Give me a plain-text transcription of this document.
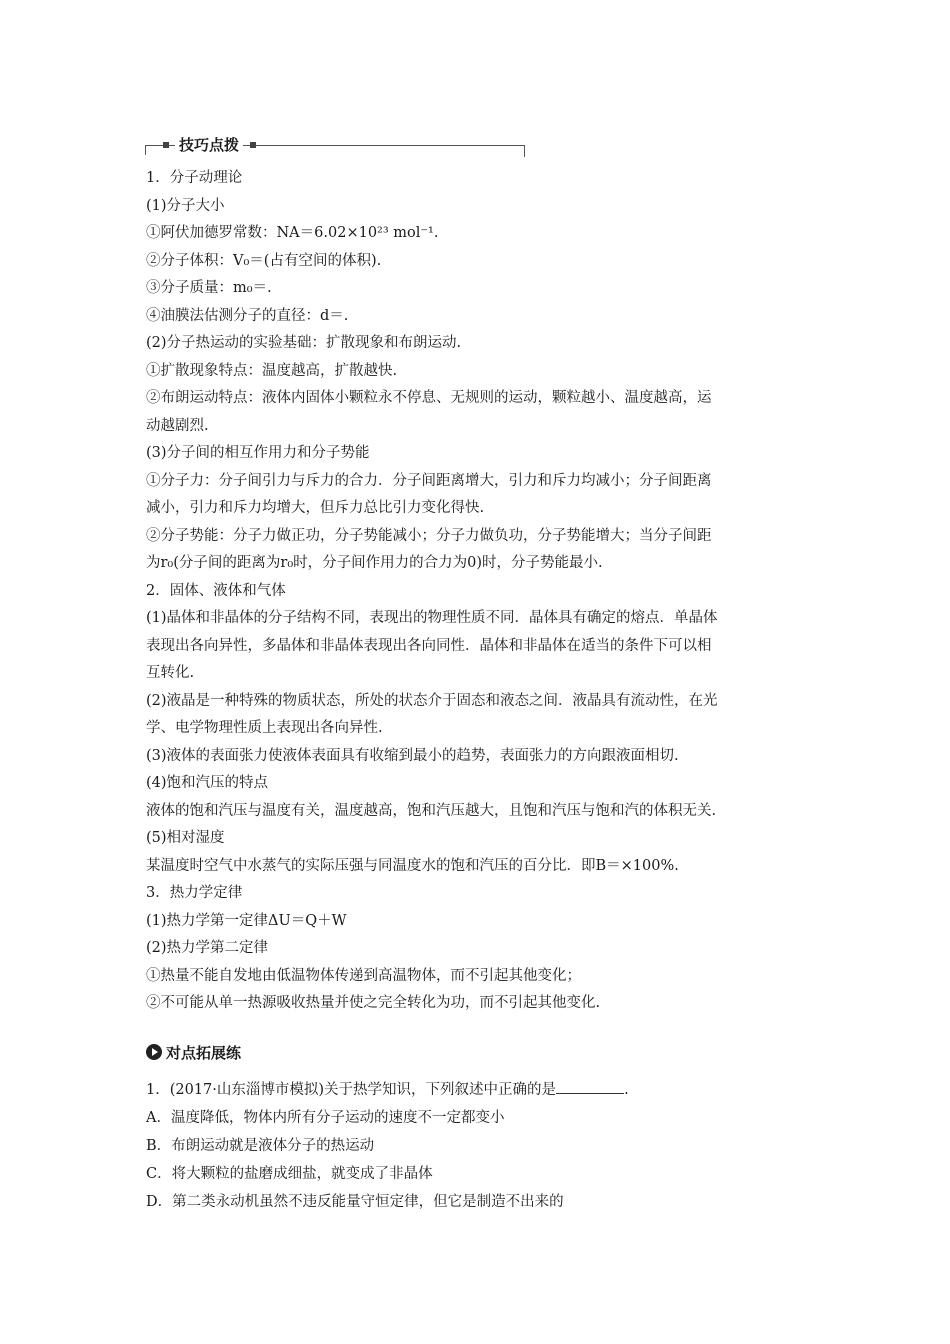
技巧点拨

1．分子动理论

(1)分子大小

①阿伏加德罗常数：NA＝6.02×10²³ mol⁻¹.

②分子体积：V₀＝(占有空间的体积).

③分子质量：m₀＝.

④油膜法估测分子的直径：d＝.

(2)分子热运动的实验基础：扩散现象和布朗运动.

①扩散现象特点：温度越高，扩散越快.

②布朗运动特点：液体内固体小颗粒永不停息、无规则的运动，颗粒越小、温度越高，运

动越剧烈.

(3)分子间的相互作用力和分子势能

①分子力：分子间引力与斥力的合力．分子间距离增大，引力和斥力均减小；分子间距离

减小，引力和斥力均增大，但斥力总比引力变化得快.

②分子势能：分子力做正功，分子势能减小；分子力做负功，分子势能增大；当分子间距

为r₀(分子间的距离为r₀时，分子间作用力的合力为0)时，分子势能最小.

2．固体、液体和气体

(1)晶体和非晶体的分子结构不同，表现出的物理性质不同．晶体具有确定的熔点．单晶体

表现出各向异性，多晶体和非晶体表现出各向同性．晶体和非晶体在适当的条件下可以相

互转化.

(2)液晶是一种特殊的物质状态，所处的状态介于固态和液态之间．液晶具有流动性，在光

学、电学物理性质上表现出各向异性.

(3)液体的表面张力使液体表面具有收缩到最小的趋势，表面张力的方向跟液面相切.

(4)饱和汽压的特点

液体的饱和汽压与温度有关，温度越高，饱和汽压越大，且饱和汽压与饱和汽的体积无关.

(5)相对湿度

某温度时空气中水蒸气的实际压强与同温度水的饱和汽压的百分比．即B＝×100%.

3．热力学定律

(1)热力学第一定律ΔU＝Q＋W

(2)热力学第二定律

①热量不能自发地由低温物体传递到高温物体，而不引起其他变化；

②不可能从单一热源吸收热量并使之完全转化为功，而不引起其他变化.

对点拓展练

1．(2017·山东淄博市模拟)关于热学知识，下列叙述中正确的是	.

A．温度降低，物体内所有分子运动的速度不一定都变小

B．布朗运动就是液体分子的热运动

C．将大颗粒的盐磨成细盐，就变成了非晶体

D．第二类永动机虽然不违反能量守恒定律，但它是制造不出来的
